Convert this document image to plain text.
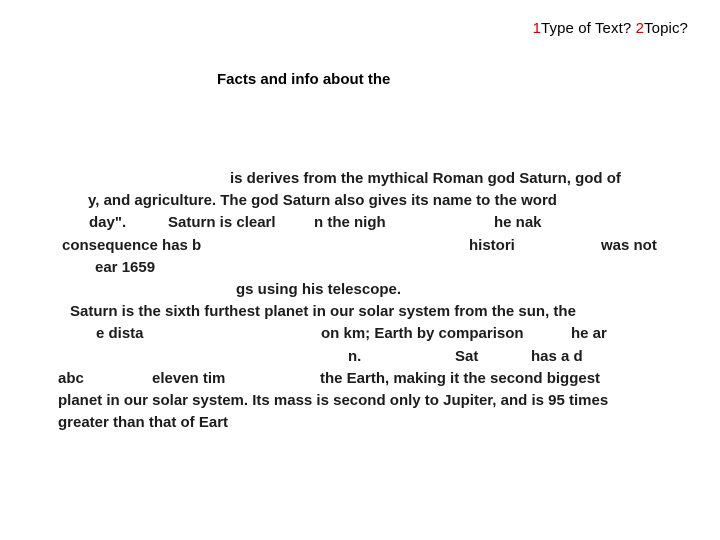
1Type of Text? 2Topic?
Facts and info about the
is derives from the mythical Roman god Saturn, god of
y, and agriculture. The god Saturn also gives its name to the word
day".	Saturn is clearl	n the nigh	he nak
consequence has b	histori	was not
ear 1659
gs using his telescope.
Saturn is the sixth furthest planet in our solar system from the sun, the
e dista	on km; Earth by comparison	he ar
n.	Sat	has a d
abc	eleven tim	the Earth, making it the second biggest
planet in our solar system. Its mass is second only to Jupiter, and is 95 times
greater than that of Eart
